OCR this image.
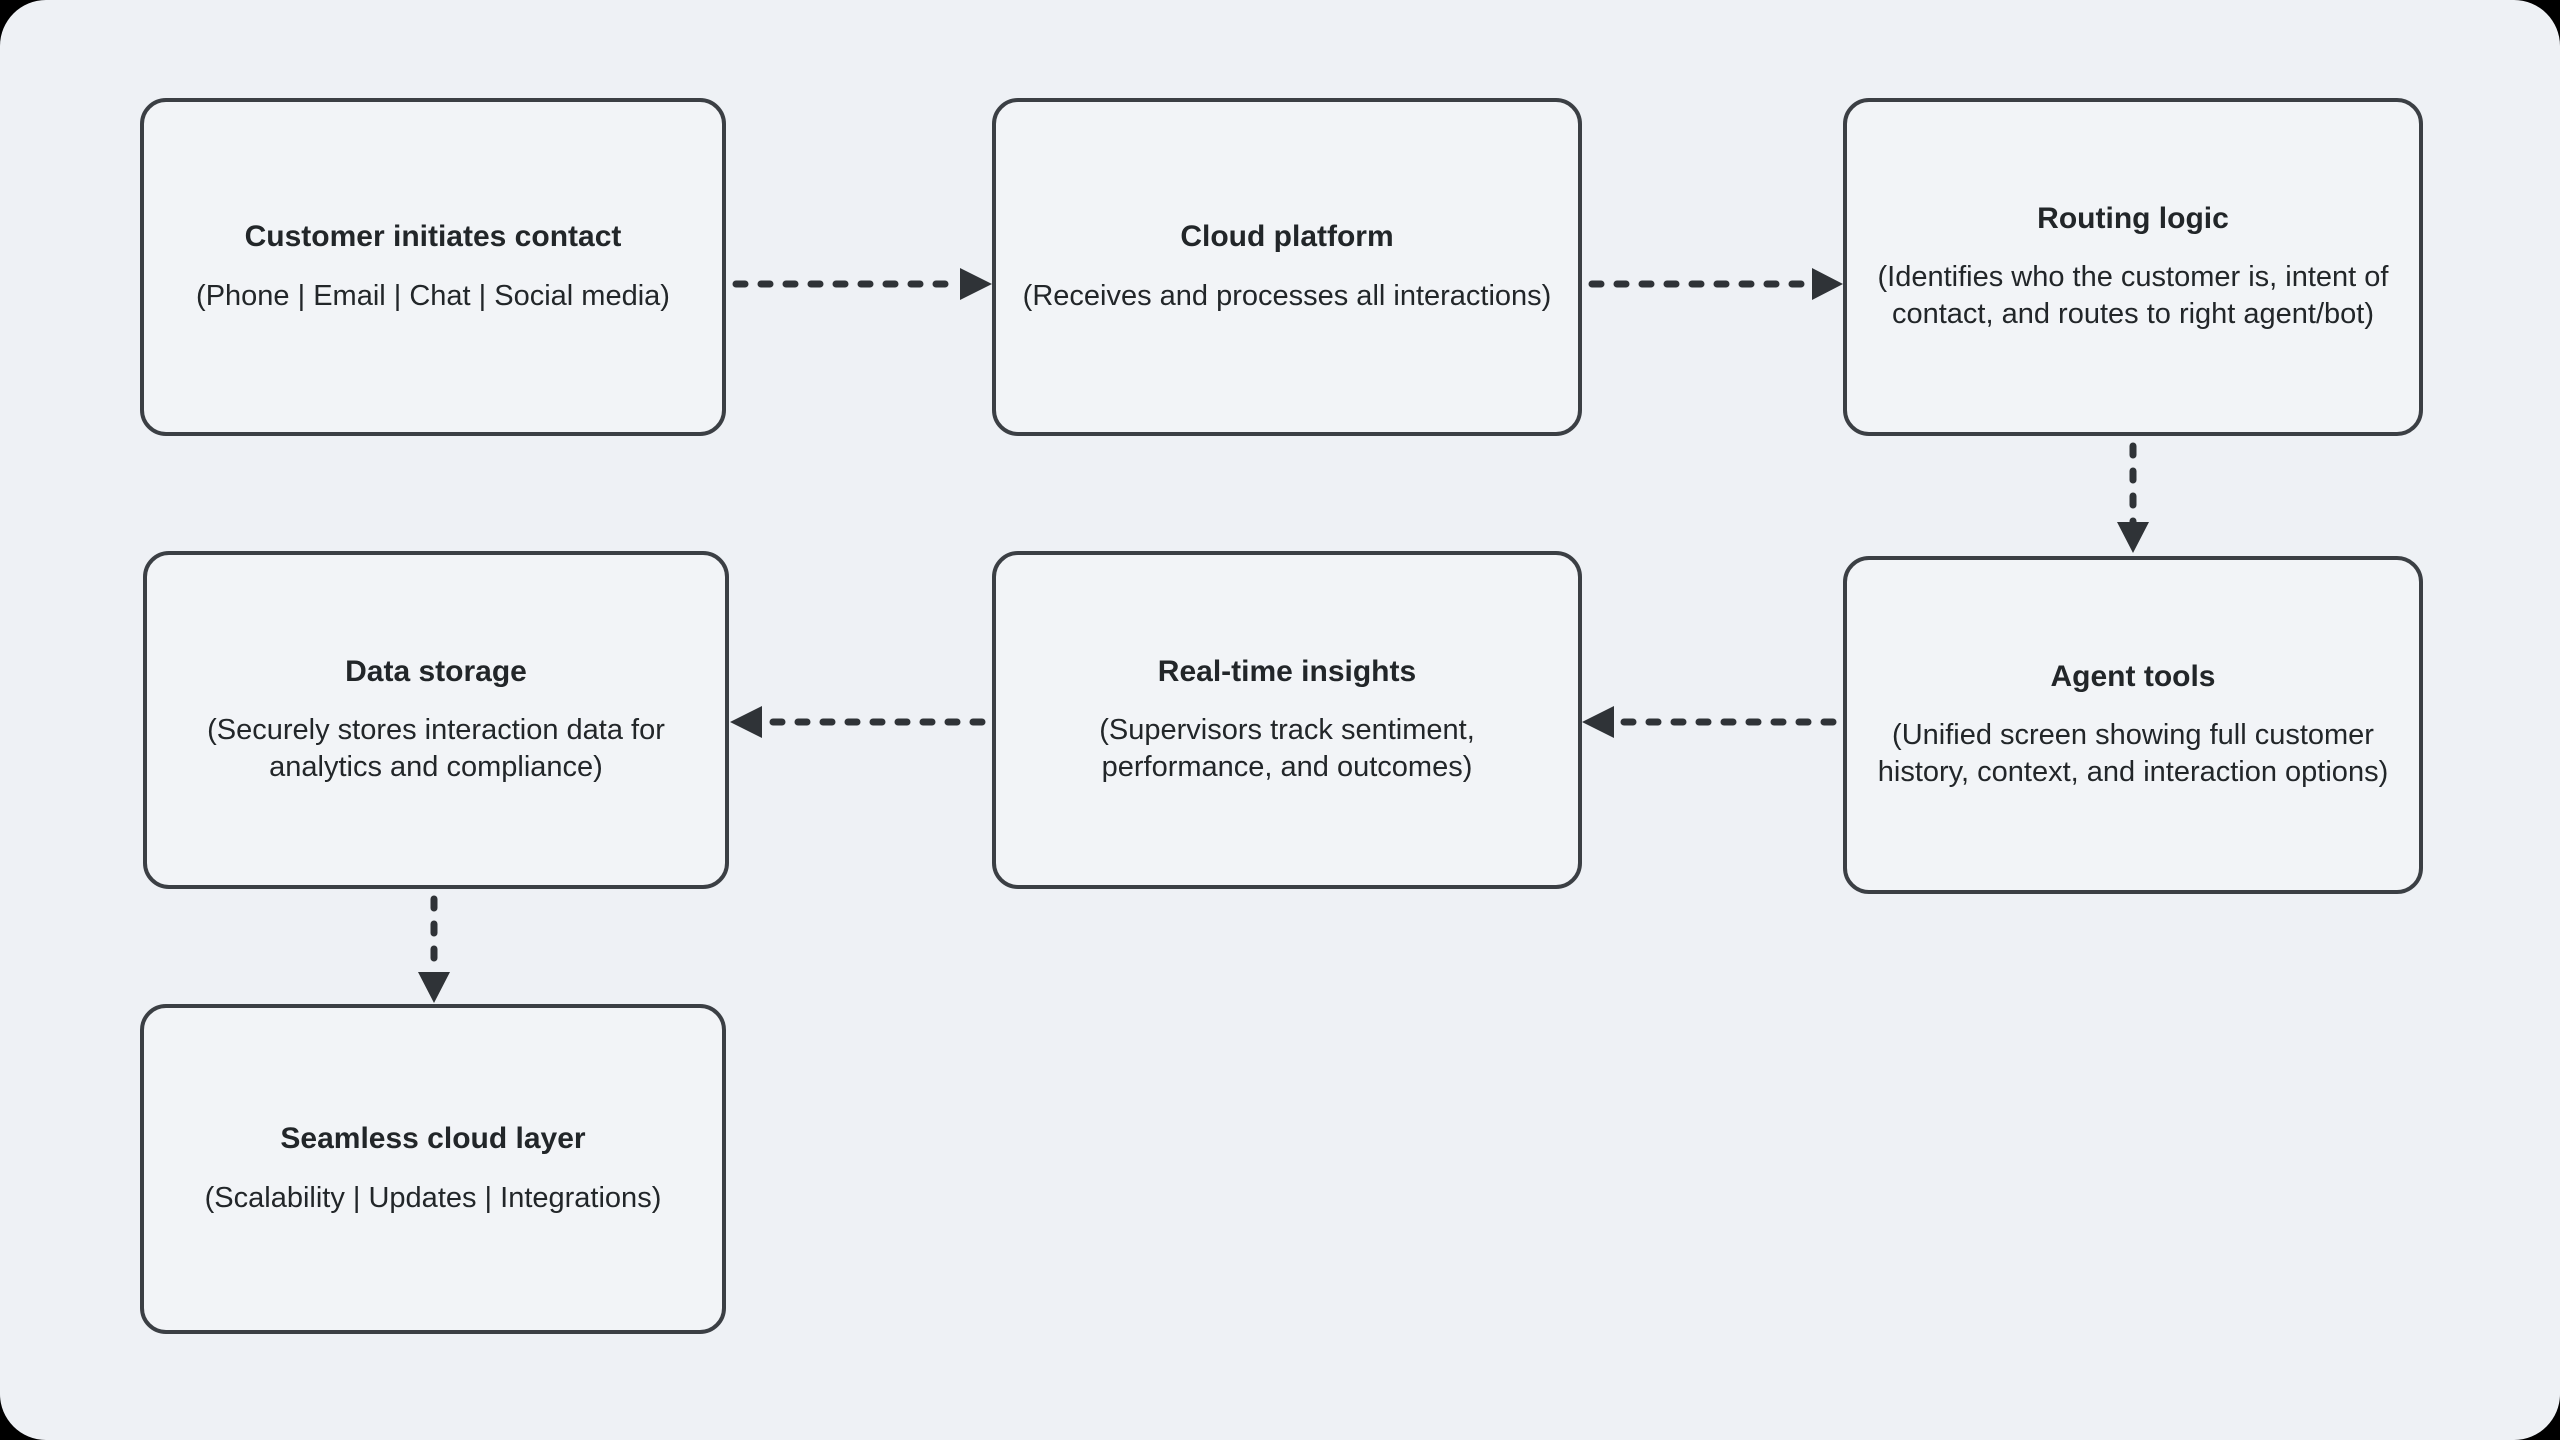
Customer initiates contact
(Phone | Email | Chat | Social media)
Cloud platform
(Receives and processes all interactions)
Routing logic
(Identifies who the customer is, intent of contact, and routes to right agent/bot)
Agent tools
(Unified screen showing full customer history, context, and interaction options)
Real-time insights
(Supervisors track sentiment, performance, and outcomes)
Data storage
(Securely stores interaction data for analytics and compliance)
Seamless cloud layer
(Scalability | Updates | Integrations)
